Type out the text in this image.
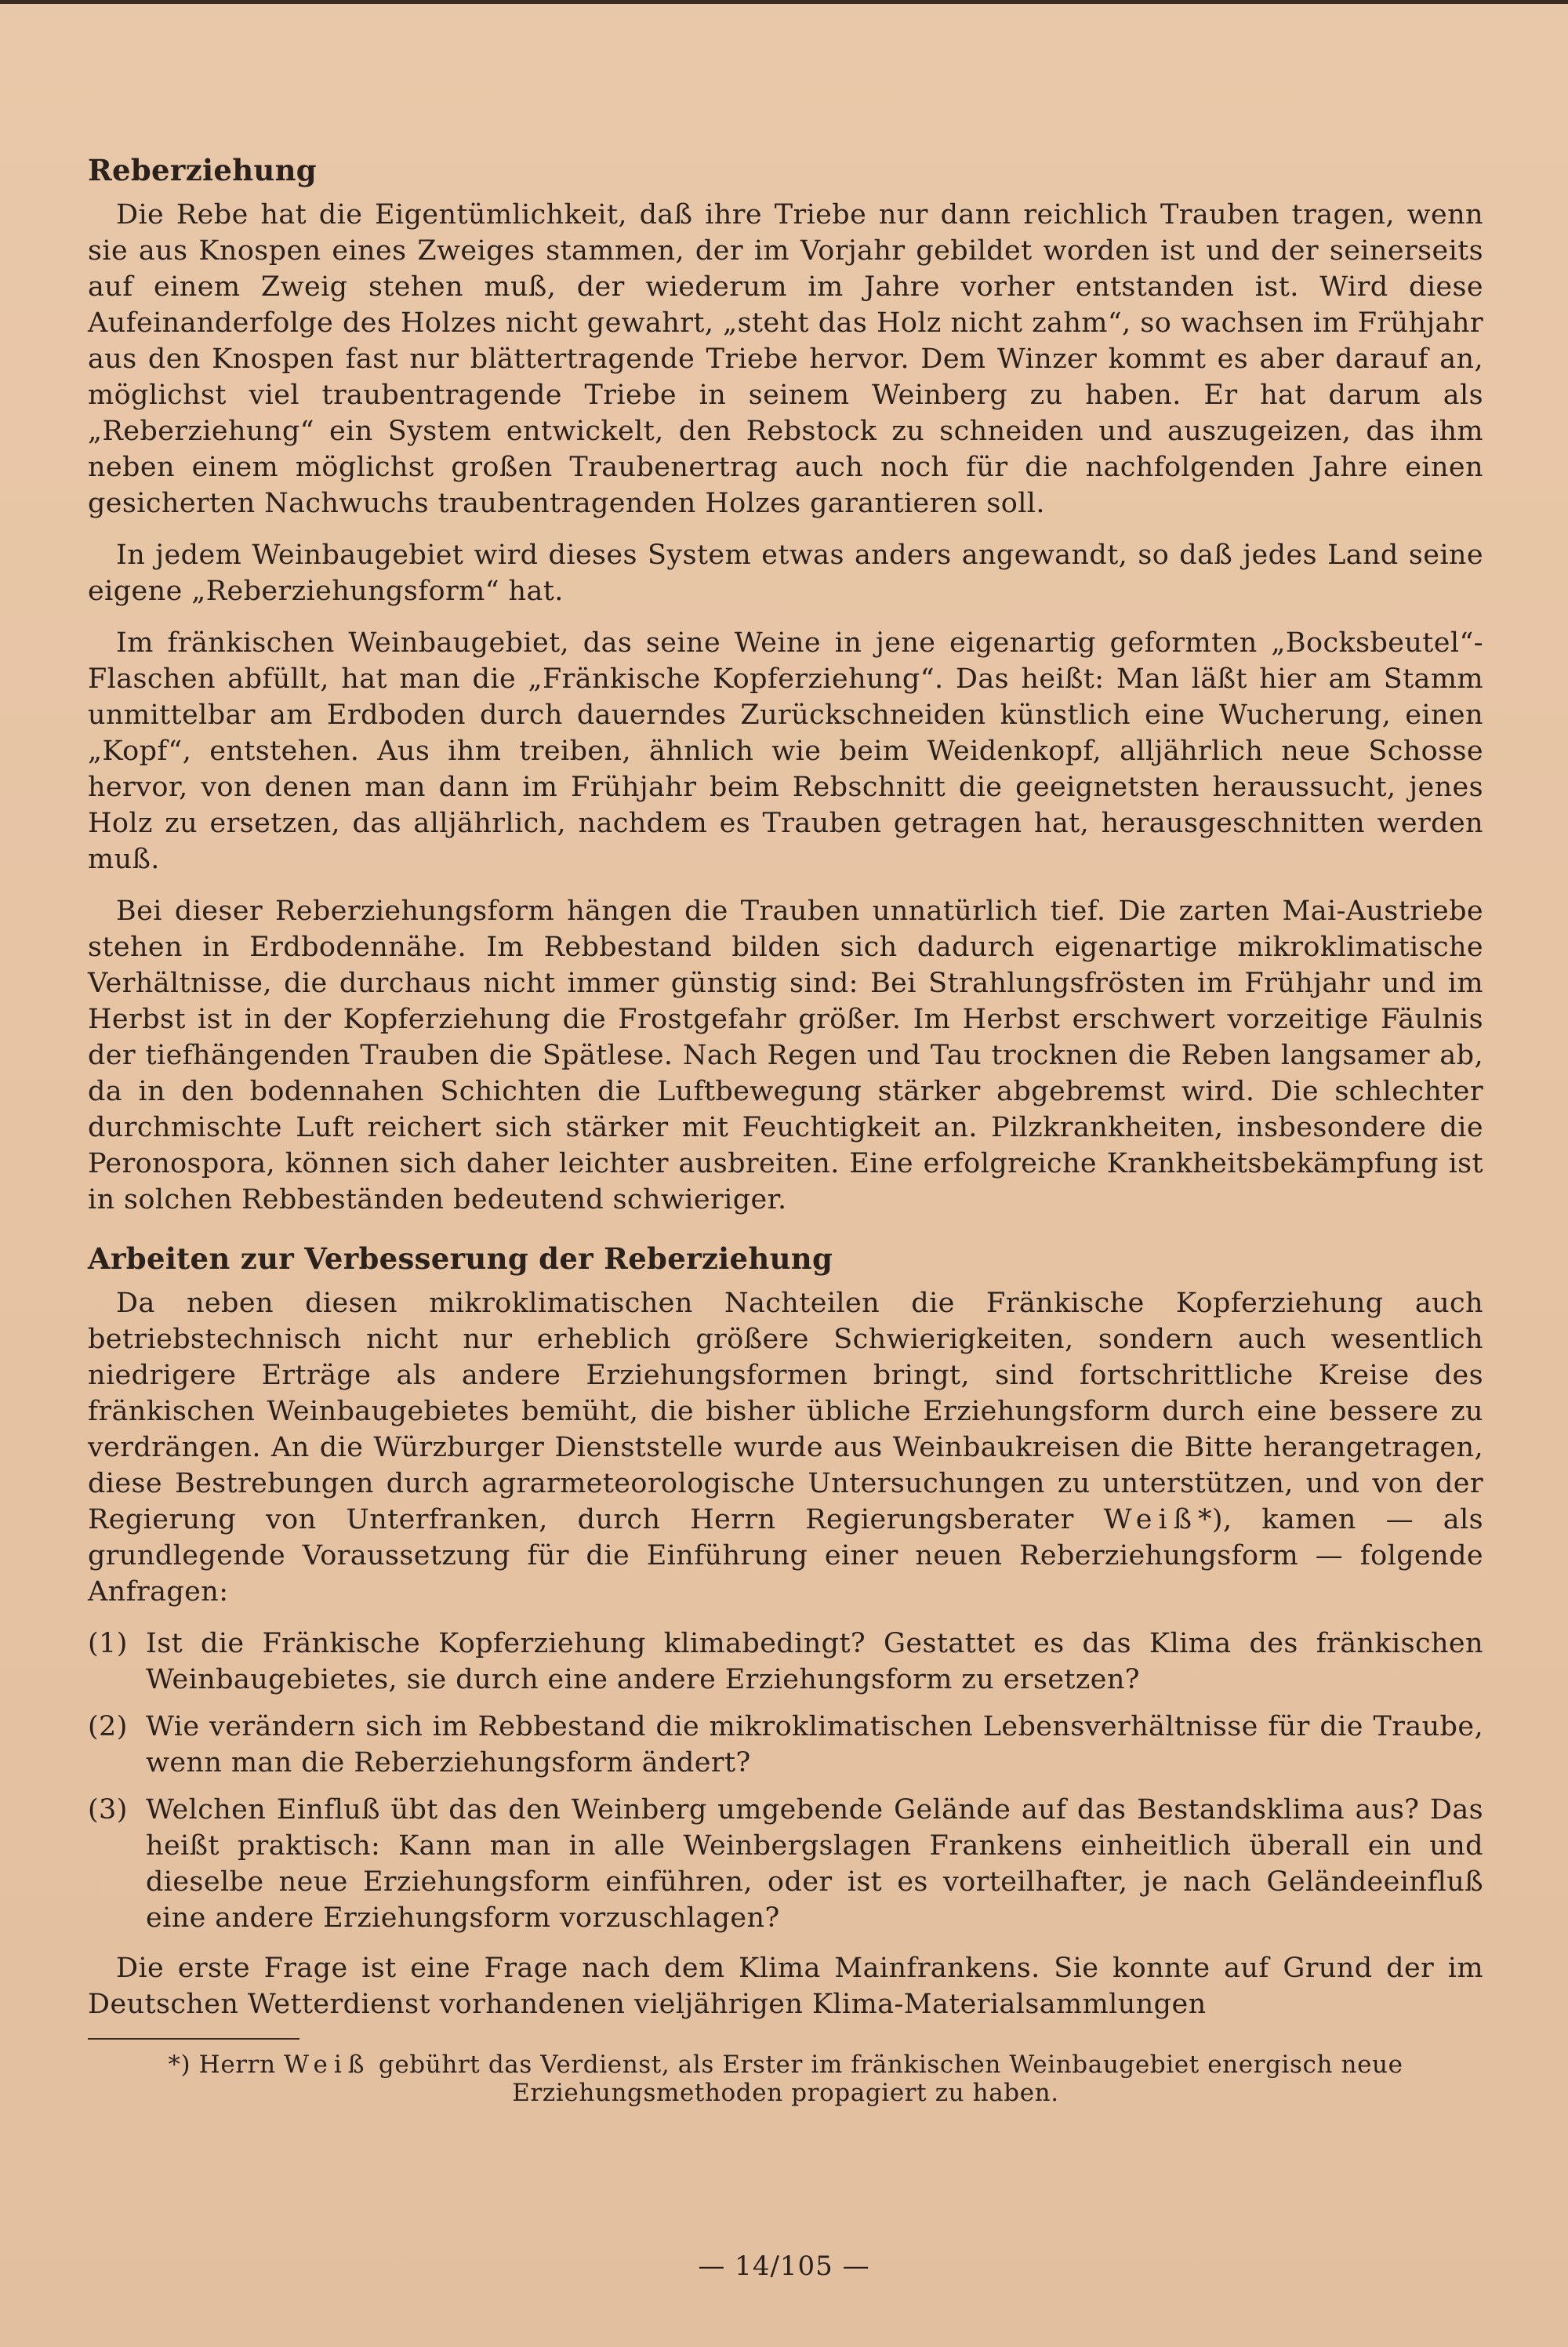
Reberziehung

Die Rebe hat die Eigentümlichkeit, daß ihre Triebe nur dann reichlich Trauben tragen, wenn sie aus Knospen eines Zweiges stammen, der im Vorjahr gebildet worden ist und der seinerseits auf einem Zweig stehen muß, der wiederum im Jahre vorher entstanden ist. Wird diese Aufeinanderfolge des Holzes nicht gewahrt, „steht das Holz nicht zahm“, so wachsen im Frühjahr aus den Knospen fast nur blättertragende Triebe hervor. Dem Winzer kommt es aber darauf an, möglichst viel traubentragende Triebe in seinem Weinberg zu haben. Er hat darum als „Reberziehung“ ein System entwickelt, den Rebstock zu schneiden und auszugeizen, das ihm neben einem möglichst großen Traubenertrag auch noch für die nachfolgenden Jahre einen gesicherten Nachwuchs traubentragenden Holzes garantieren soll.

In jedem Weinbaugebiet wird dieses System etwas anders angewandt, so daß jedes Land seine eigene „Reberziehungsform“ hat.

Im fränkischen Weinbaugebiet, das seine Weine in jene eigenartig geformten „Bocksbeutel“-Flaschen abfüllt, hat man die „Fränkische Kopferziehung“. Das heißt: Man läßt hier am Stamm unmittelbar am Erdboden durch dauerndes Zurückschneiden künstlich eine Wucherung, einen „Kopf“, entstehen. Aus ihm treiben, ähnlich wie beim Weidenkopf, alljährlich neue Schosse hervor, von denen man dann im Frühjahr beim Rebschnitt die geeignetsten heraussucht, jenes Holz zu ersetzen, das alljährlich, nachdem es Trauben getragen hat, herausgeschnitten werden muß.

Bei dieser Reberziehungsform hängen die Trauben unnatürlich tief. Die zarten Mai-Austriebe stehen in Erdbodennähe. Im Rebbestand bilden sich dadurch eigenartige mikroklimatische Verhältnisse, die durchaus nicht immer günstig sind: Bei Strahlungsfrösten im Frühjahr und im Herbst ist in der Kopferziehung die Frostgefahr größer. Im Herbst erschwert vorzeitige Fäulnis der tiefhängenden Trauben die Spätlese. Nach Regen und Tau trocknen die Reben langsamer ab, da in den bodennahen Schichten die Luftbewegung stärker abgebremst wird. Die schlechter durchmischte Luft reichert sich stärker mit Feuchtigkeit an. Pilzkrankheiten, insbesondere die Peronospora, können sich daher leichter ausbreiten. Eine erfolgreiche Krankheitsbekämpfung ist in solchen Rebbeständen bedeutend schwieriger.

Arbeiten zur Verbesserung der Reberziehung

Da neben diesen mikroklimatischen Nachteilen die Fränkische Kopferziehung auch betriebstechnisch nicht nur erheblich größere Schwierigkeiten, sondern auch wesentlich niedrigere Erträge als andere Erziehungsformen bringt, sind fortschrittliche Kreise des fränkischen Weinbaugebietes bemüht, die bisher übliche Erziehungsform durch eine bessere zu verdrängen. An die Würzburger Dienststelle wurde aus Weinbaukreisen die Bitte herangetragen, diese Bestrebungen durch agrarmeteorologische Untersuchungen zu unterstützen, und von der Regierung von Unterfranken, durch Herrn Regierungsberater Weiß*), kamen — als grundlegende Voraussetzung für die Einführung einer neuen Reberziehungsform — folgende Anfragen:

(1) Ist die Fränkische Kopferziehung klimabedingt? Gestattet es das Klima des fränkischen Weinbaugebietes, sie durch eine andere Erziehungsform zu ersetzen?
(2) Wie verändern sich im Rebbestand die mikroklimatischen Lebensverhältnisse für die Traube, wenn man die Reberziehungsform ändert?
(3) Welchen Einfluß übt das den Weinberg umgebende Gelände auf das Bestandsklima aus? Das heißt praktisch: Kann man in alle Weinbergslagen Frankens einheitlich überall ein und dieselbe neue Erziehungsform einführen, oder ist es vorteilhafter, je nach Geländeeinfluß eine andere Erziehungsform vorzuschlagen?

Die erste Frage ist eine Frage nach dem Klima Mainfrankens. Sie konnte auf Grund der im Deutschen Wetterdienst vorhandenen vieljährigen Klima-Materialsammlungen

*) Herrn Weiß gebührt das Verdienst, als Erster im fränkischen Weinbaugebiet energisch neue Erziehungsmethoden propagiert zu haben.
— 14/105 —
